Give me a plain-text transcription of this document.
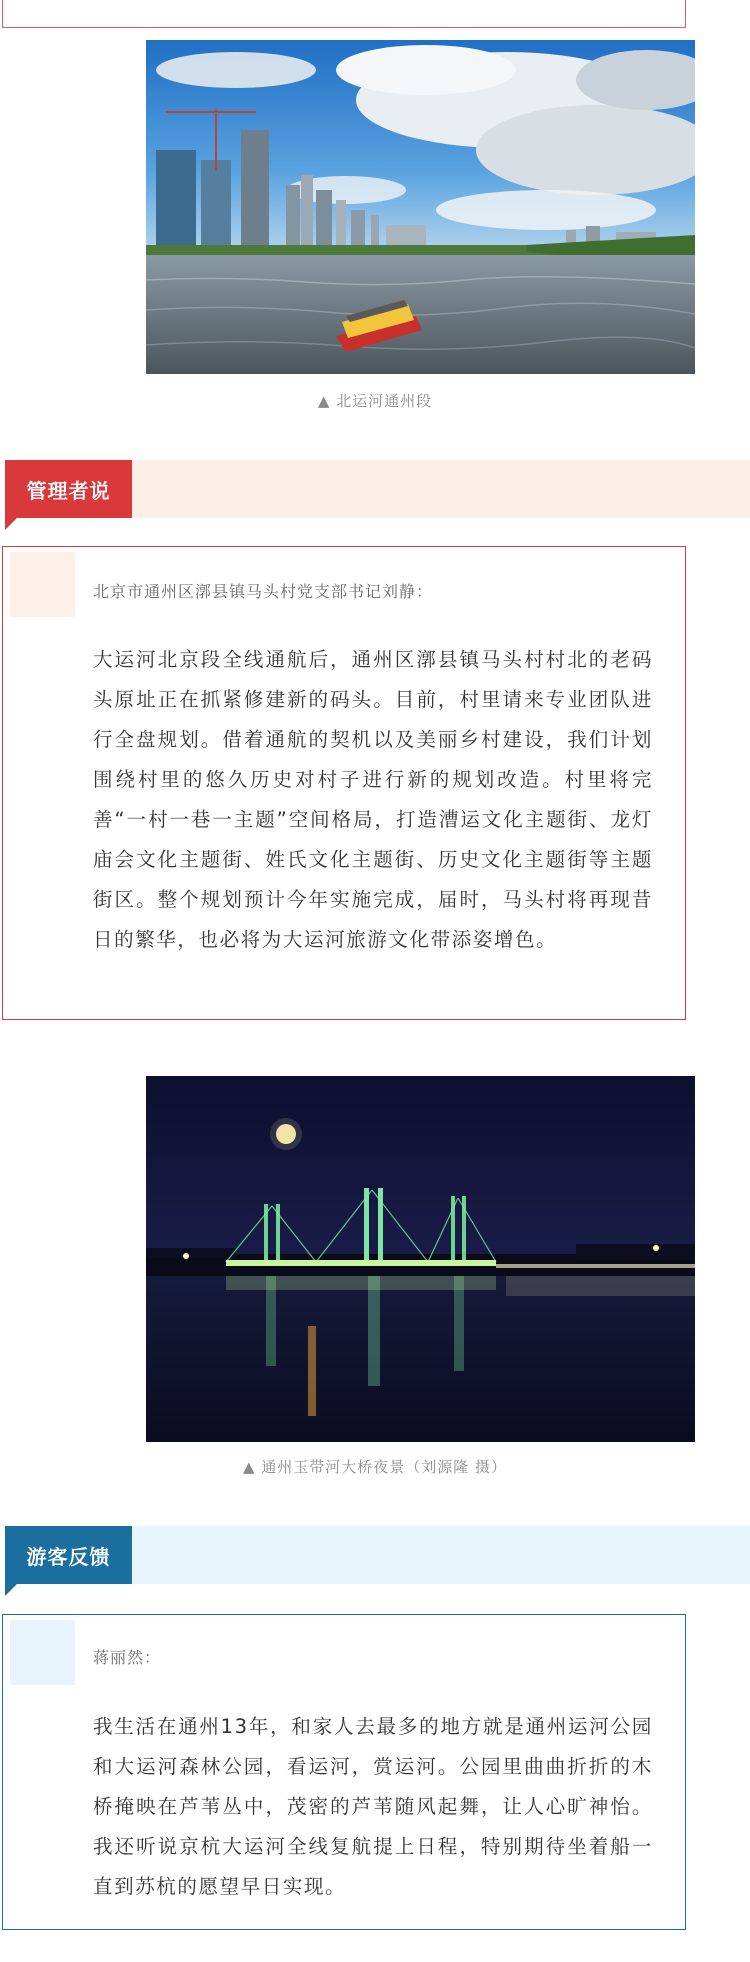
▲ 北运河通州段
管理者说
北京市通州区漷县镇马头村党支部书记刘静：
大运河北京段全线通航后，通州区漷县镇马头村村北的老码头原址正在抓紧修建新的码头。目前，村里请来专业团队进行全盘规划。借着通航的契机以及美丽乡村建设，我们计划围绕村里的悠久历史对村子进行新的规划改造。村里将完善“一村一巷一主题”空间格局，打造漕运文化主题街、龙灯庙会文化主题街、姓氏文化主题街、历史文化主题街等主题街区。整个规划预计今年实施完成，届时，马头村将再现昔日的繁华，也必将为大运河旅游文化带添姿增色。
▲ 通州玉带河大桥夜景（刘源隆 摄）
游客反馈
蒋丽然：
我生活在通州13年，和家人去最多的地方就是通州运河公园和大运河森林公园，看运河，赏运河。公园里曲曲折折的木桥掩映在芦苇丛中，茂密的芦苇随风起舞，让人心旷神怡。我还听说京杭大运河全线复航提上日程，特别期待坐着船一直到苏杭的愿望早日实现。
